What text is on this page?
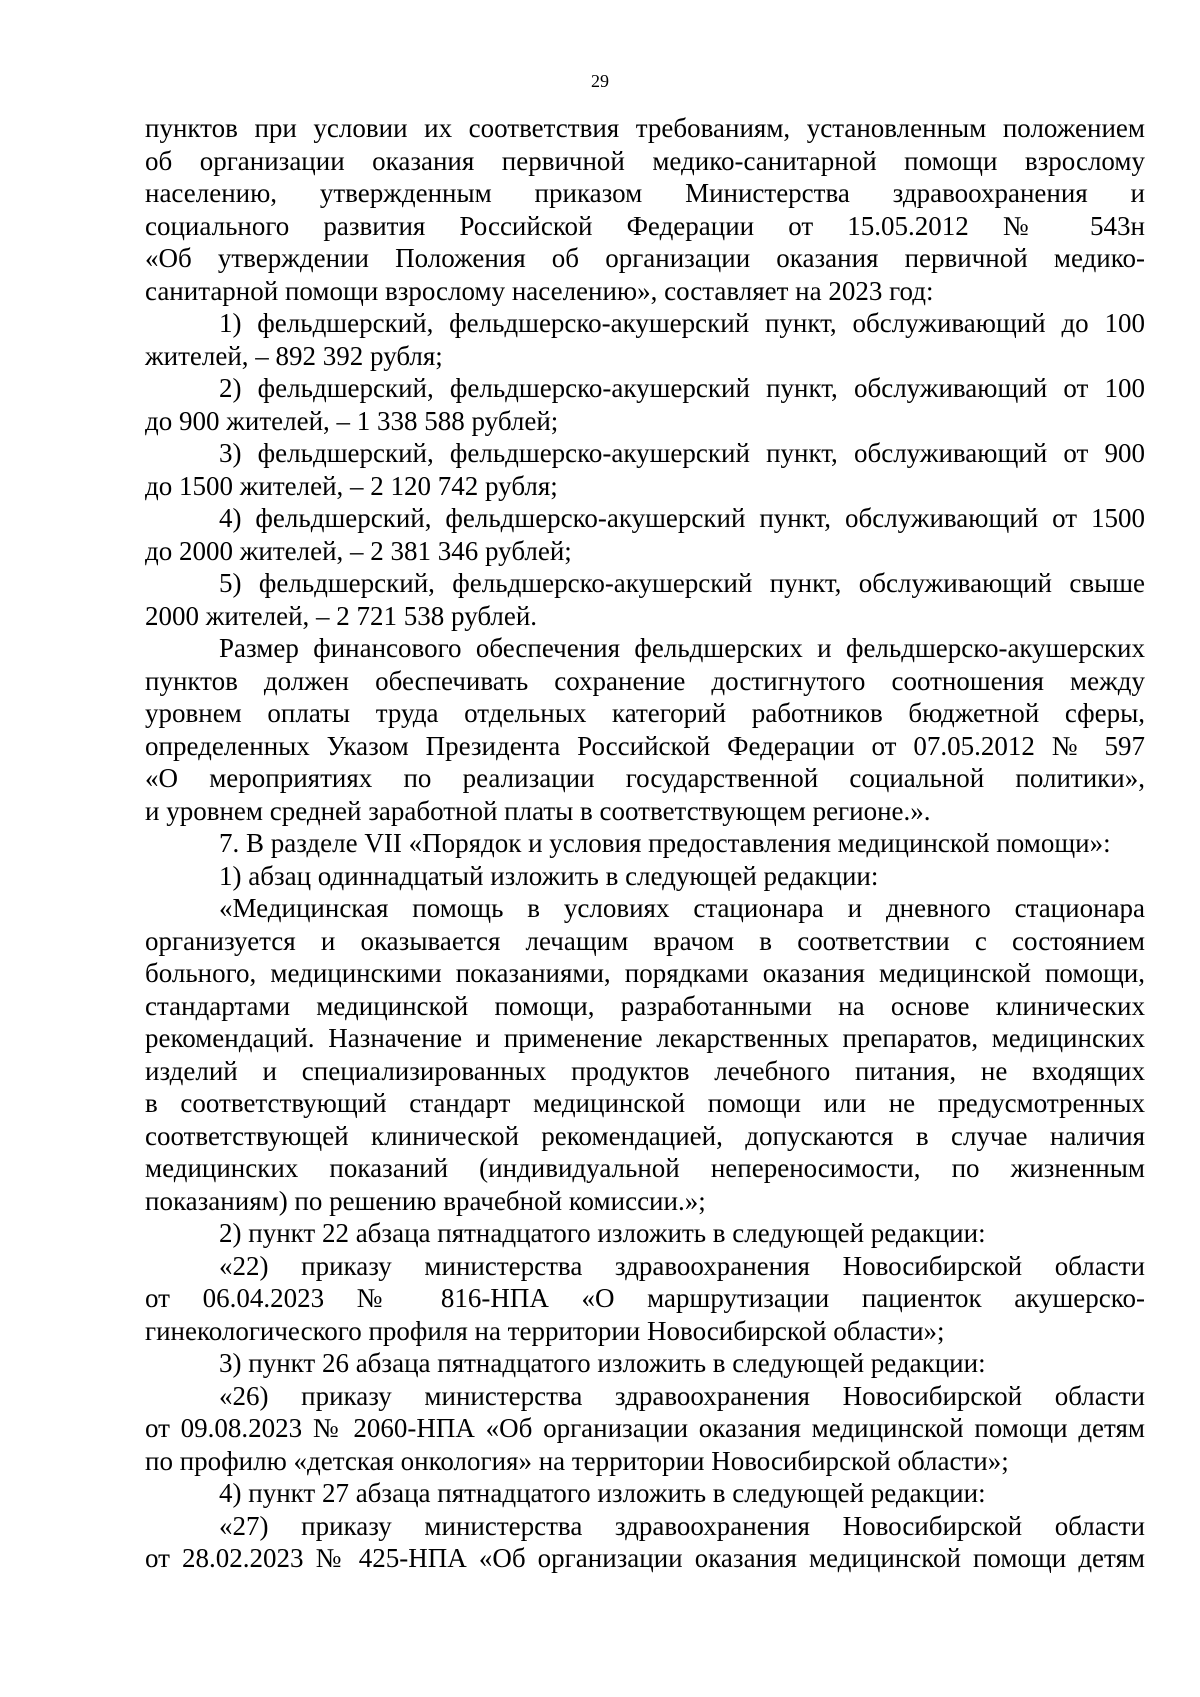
29

пунктов при условии их соответствия требованиям, установленным положением

об организации оказания первичной медико-санитарной помощи взрослому

населению, утвержденным приказом Министерства здравоохранения и

социального развития Российской Федерации от 15.05.2012 № 543н

«Об утверждении Положения об организации оказания первичной медико-

санитарной помощи взрослому населению», составляет на 2023 год:

1) фельдшерский, фельдшерско-акушерский пункт, обслуживающий до 100

жителей, – 892 392 рубля;

2) фельдшерский, фельдшерско-акушерский пункт, обслуживающий от 100

до 900 жителей, – 1 338 588 рублей;

3) фельдшерский, фельдшерско-акушерский пункт, обслуживающий от 900

до 1500 жителей, – 2 120 742 рубля;

4) фельдшерский, фельдшерско-акушерский пункт, обслуживающий от 1500

до 2000 жителей, – 2 381 346 рублей;

5) фельдшерский, фельдшерско-акушерский пункт, обслуживающий свыше

2000 жителей, – 2 721 538 рублей.

Размер финансового обеспечения фельдшерских и фельдшерско-акушерских

пунктов должен обеспечивать сохранение достигнутого соотношения между

уровнем оплаты труда отдельных категорий работников бюджетной сферы,

определенных Указом Президента Российской Федерации от 07.05.2012 № 597

«О мероприятиях по реализации государственной социальной политики»,

и уровнем средней заработной платы в соответствующем регионе.».

7. В разделе VII «Порядок и условия предоставления медицинской помощи»:

1) абзац одиннадцатый изложить в следующей редакции:

«Медицинская помощь в условиях стационара и дневного стационара

организуется и оказывается лечащим врачом в соответствии с состоянием

больного, медицинскими показаниями, порядками оказания медицинской помощи,

стандартами медицинской помощи, разработанными на основе клинических

рекомендаций. Назначение и применение лекарственных препаратов, медицинских

изделий и специализированных продуктов лечебного питания, не входящих

в соответствующий стандарт медицинской помощи или не предусмотренных

соответствующей клинической рекомендацией, допускаются в случае наличия

медицинских показаний (индивидуальной непереносимости, по жизненным

показаниям) по решению врачебной комиссии.»;

2) пункт 22 абзаца пятнадцатого изложить в следующей редакции:

«22) приказу министерства здравоохранения Новосибирской области

от 06.04.2023 № 816-НПА «О маршрутизации пациенток акушерско-

гинекологического профиля на территории Новосибирской области»;

3) пункт 26 абзаца пятнадцатого изложить в следующей редакции:

«26) приказу министерства здравоохранения Новосибирской области

от 09.08.2023 № 2060-НПА «Об организации оказания медицинской помощи детям

по профилю «детская онкология» на территории Новосибирской области»;

4) пункт 27 абзаца пятнадцатого изложить в следующей редакции:

«27) приказу министерства здравоохранения Новосибирской области

от 28.02.2023 № 425-НПА «Об организации оказания медицинской помощи детям
